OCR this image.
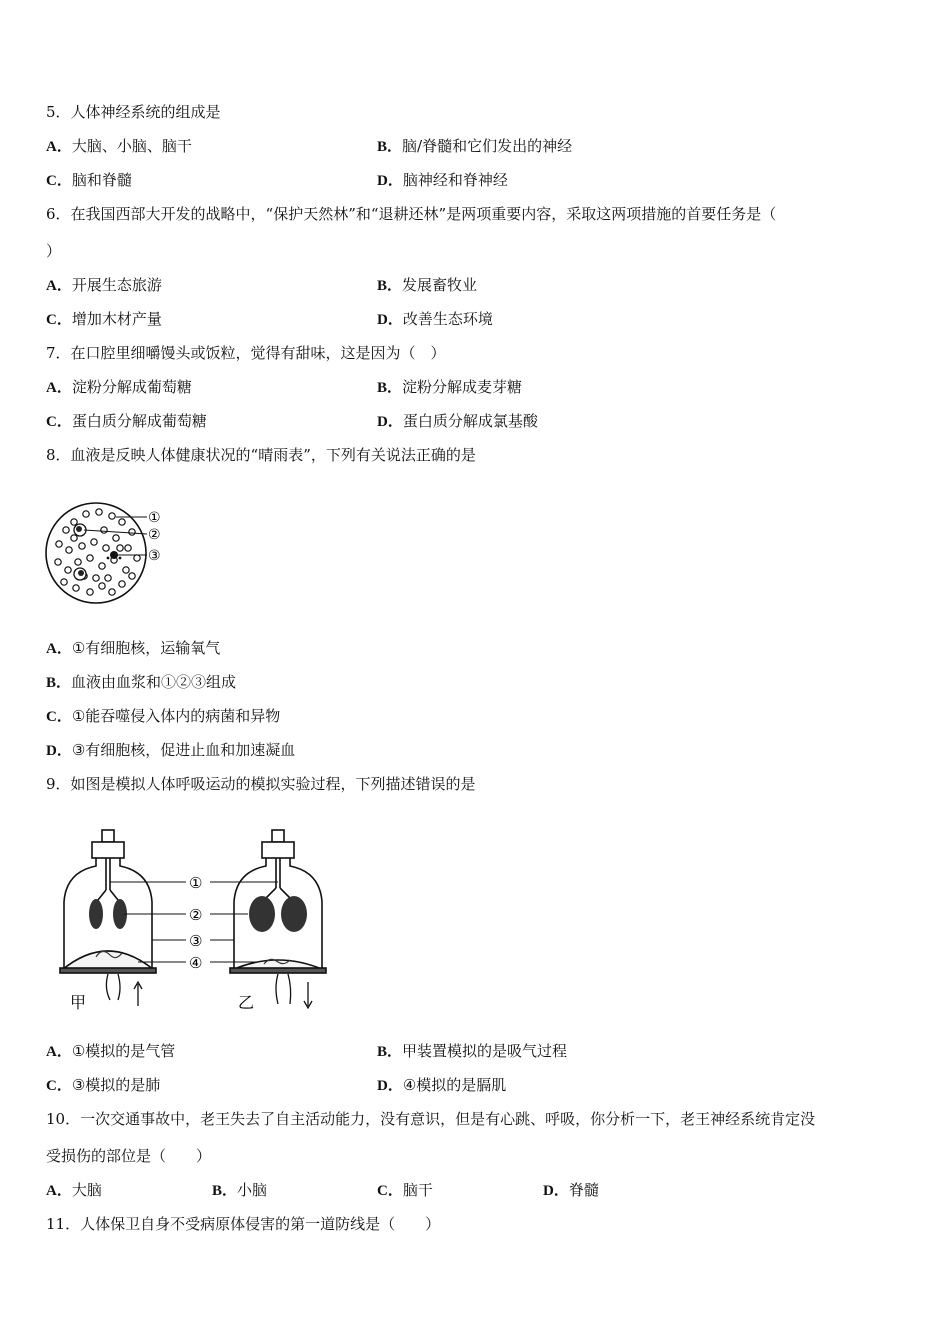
5．人体神经系统的组成是
A．大脑、小脑、脑干	B．脑/脊髓和它们发出的神经
C．脑和脊髓	D．脑神经和脊神经
6．在我国西部大开发的战略中，“保护天然林”和“退耕还林”是两项重要内容，采取这两项措施的首要任务是（
）
A．开展生态旅游	B．发展畜牧业
C．增加木材产量	D．改善生态环境
7．在口腔里细嚼馒头或饭粒，觉得有甜味，这是因为（　）
A．淀粉分解成葡萄糖	B．淀粉分解成麦芽糖
C．蛋白质分解成葡萄糖	D．蛋白质分解成氯基酸
8．血液是反映人体健康状况的“晴雨表”，下列有关说法正确的是
①
②
③
A．①有细胞核，运输氧气
B．血液由血浆和①②③组成
C．①能吞噬侵入体内的病菌和异物
D．③有细胞核，促进止血和加速凝血
9．如图是模拟人体呼吸运动的模拟实验过程，下列描述错误的是
甲	乙
①
②
③
④
A．①模拟的是气管	B．甲装置模拟的是吸气过程
C．③模拟的是肺	D．④模拟的是膈肌
10．一次交通事故中，老王失去了自主活动能力，没有意识，但是有心跳、呼吸，你分析一下，老王神经系统肯定没
受损伤的部位是（　　）
A．大脑	B．小脑	C．脑干	D．脊髓
11．人体保卫自身不受病原体侵害的第一道防线是（　　）
